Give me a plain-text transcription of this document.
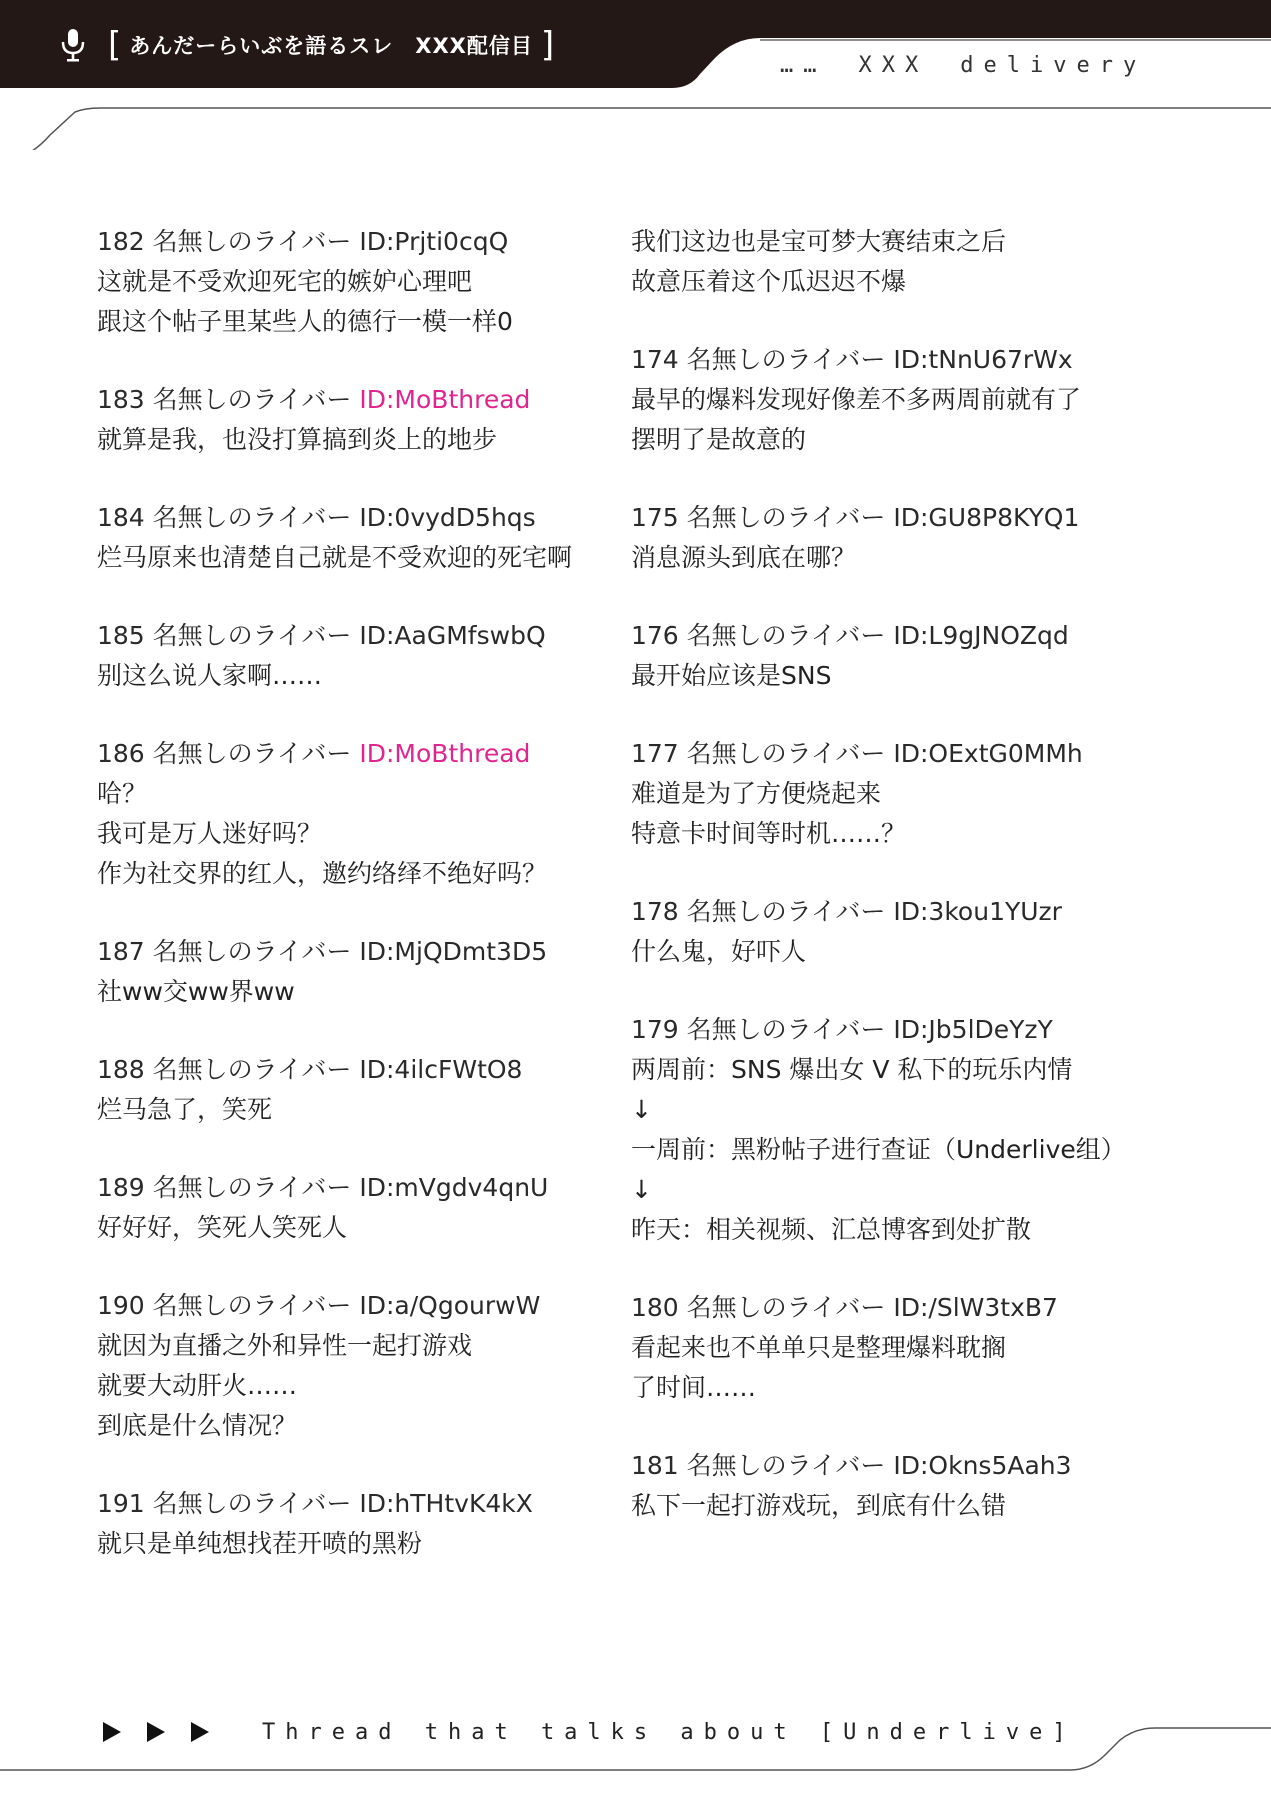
[ あんだーらいぶを語るスレ　XXX配信目 ]
……　XXX　delivery
182 名無しのライバー ID:Prjti0cqQ
这就是不受欢迎死宅的嫉妒心理吧
跟这个帖子里某些人的德行一模一样0
183 名無しのライバー ID:MoBthread
就算是我，也没打算搞到炎上的地步
184 名無しのライバー ID:0vydD5hqs
烂马原来也清楚自己就是不受欢迎的死宅啊
185 名無しのライバー ID:AaGMfswbQ
别这么说人家啊……
186 名無しのライバー ID:MoBthread
哈？
我可是万人迷好吗？
作为社交界的红人，邀约络绎不绝好吗？
187 名無しのライバー ID:MjQDmt3D5
社ww交ww界ww
188 名無しのライバー ID:4ilcFWtO8
烂马急了，笑死
189 名無しのライバー ID:mVgdv4qnU
好好好，笑死人笑死人
190 名無しのライバー ID:a/QgourwW
就因为直播之外和异性一起打游戏
就要大动肝火……
到底是什么情况？
191 名無しのライバー ID:hTHtvK4kX
就只是单纯想找茬开喷的黑粉
我们这边也是宝可梦大赛结束之后
故意压着这个瓜迟迟不爆
174 名無しのライバー ID:tNnU67rWx
最早的爆料发现好像差不多两周前就有了
摆明了是故意的
175 名無しのライバー ID:GU8P8KYQ1
消息源头到底在哪？
176 名無しのライバー ID:L9gJNOZqd
最开始应该是SNS
177 名無しのライバー ID:OExtG0MMh
难道是为了方便烧起来
特意卡时间等时机……？
178 名無しのライバー ID:3kou1YUzr
什么鬼，好吓人
179 名無しのライバー ID:Jb5lDeYzY
两周前：SNS 爆出女 V 私下的玩乐内情
↓
一周前：黑粉帖子进行查证（Underlive组）
↓
昨天：相关视频、汇总博客到处扩散
180 名無しのライバー ID:/SlW3txB7
看起来也不单单只是整理爆料耽搁
了时间……
181 名無しのライバー ID:Okns5Aah3
私下一起打游戏玩，到底有什么错
Thread that talks about [Underlive]
